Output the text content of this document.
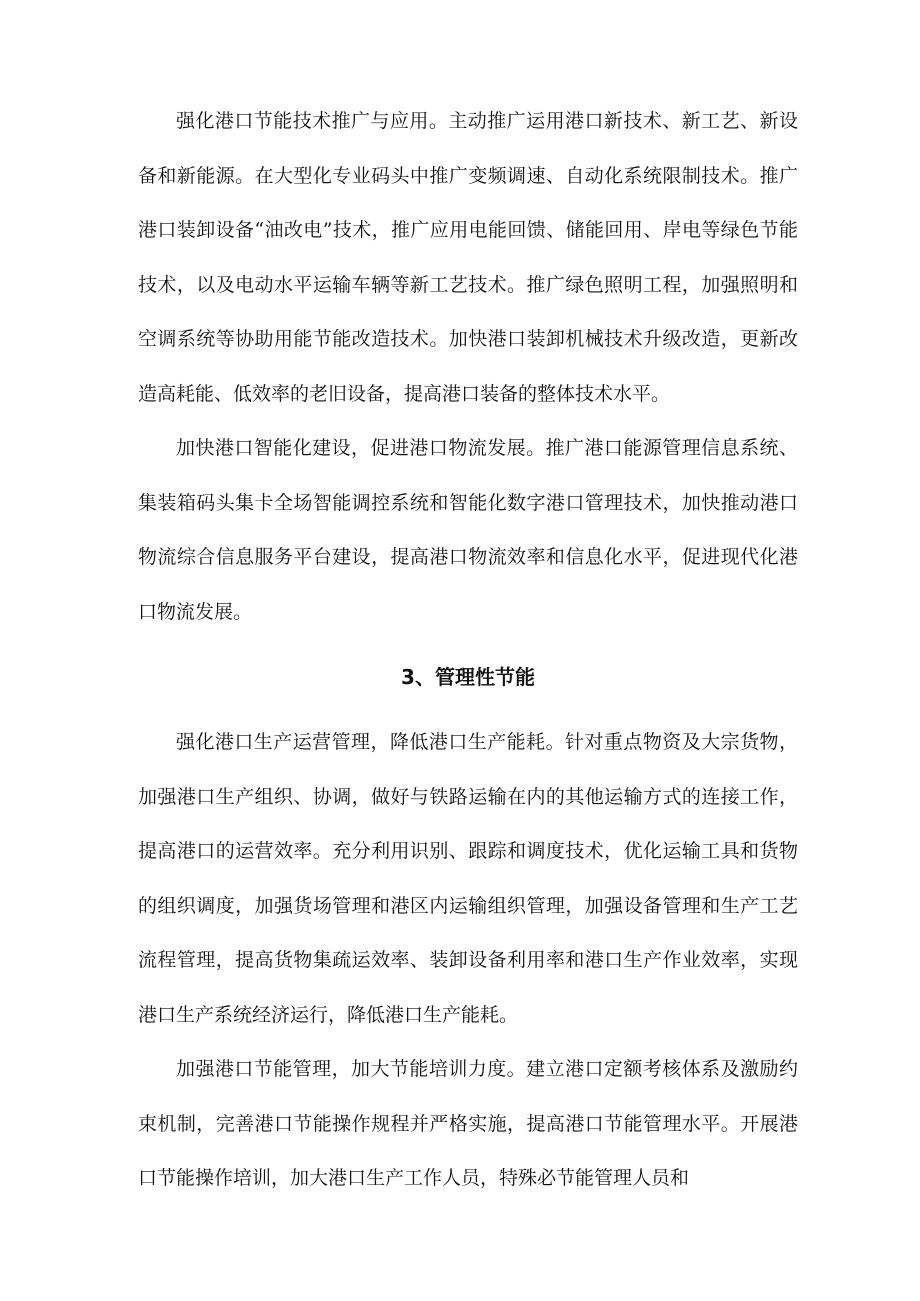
强化港口节能技术推广与应用。主动推广运用港口新技术、新工艺、新设备和新能源。在大型化专业码头中推广变频调速、自动化系统限制技术。推广港口装卸设备“油改电”技术，推广应用电能回馈、储能回用、岸电等绿色节能技术，以及电动水平运输车辆等新工艺技术。推广绿色照明工程，加强照明和空调系统等协助用能节能改造技术。加快港口装卸机械技术升级改造，更新改造高耗能、低效率的老旧设备，提高港口装备的整体技术水平。

加快港口智能化建设，促进港口物流发展。推广港口能源管理信息系统、集装箱码头集卡全场智能调控系统和智能化数字港口管理技术，加快推动港口物流综合信息服务平台建设，提高港口物流效率和信息化水平，促进现代化港口物流发展。

3、管理性节能

强化港口生产运营管理，降低港口生产能耗。针对重点物资及大宗货物，加强港口生产组织、协调，做好与铁路运输在内的其他运输方式的连接工作，提高港口的运营效率。充分利用识别、跟踪和调度技术，优化运输工具和货物的组织调度，加强货场管理和港区内运输组织管理，加强设备管理和生产工艺流程管理，提高货物集疏运效率、装卸设备利用率和港口生产作业效率，实现港口生产系统经济运行，降低港口生产能耗。

加强港口节能管理，加大节能培训力度。建立港口定额考核体系及激励约束机制，完善港口节能操作规程并严格实施，提高港口节能管理水平。开展港口节能操作培训，加大港口生产工作人员，特殊必节能管理人员和
